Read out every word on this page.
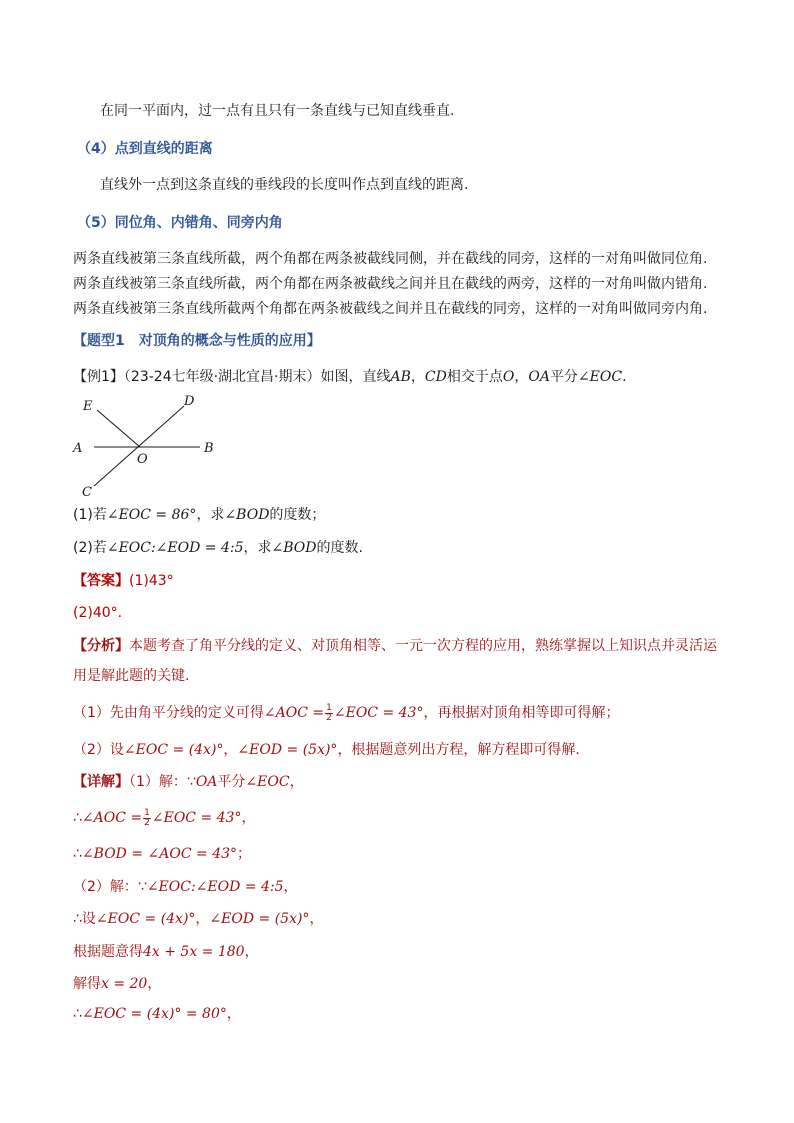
在同一平面内，过一点有且只有一条直线与已知直线垂直.
（4）点到直线的距离
直线外一点到这条直线的垂线段的长度叫作点到直线的距离.
（5）同位角、内错角、同旁内角
两条直线被第三条直线所截，两个角都在两条被截线同侧，并在截线的同旁，这样的一对角叫做同位角.
两条直线被第三条直线所截，两个角都在两条被截线之间并且在截线的两旁，这样的一对角叫做内错角.
两条直线被第三条直线所截两个角都在两条被截线之间并且在截线的同旁，这样的一对角叫做同旁内角.
【题型1　对顶角的概念与性质的应用】
【例1】（23-24七年级·湖北宜昌·期末）如图，直线AB，CD相交于点O，OA平分∠EOC.
E	D
A
O
B
C
(1)若∠EOC = 86°，求∠BOD的度数；
(2)若∠EOC:∠EOD = 4:5，求∠BOD的度数.
【答案】(1)43°
(2)40°.
【分析】本题考查了角平分线的定义、对顶角相等、一元一次方程的应用，熟练掌握以上知识点并灵活运
用是解此题的关键.
（1）先由角平分线的定义可得∠AOC = $\frac{1}{2}$ ∠EOC = 43°，再根据对顶角相等即可得解；
（2）设∠EOC = (4x)°，∠EOD = (5x)°，根据题意列出方程，解方程即可得解.
【详解】（1）解：∵OA平分∠EOC，
∴∠AOC = $\frac{1}{2}$ ∠EOC = 43°，
∴∠BOD = ∠AOC = 43°；
（2）解：∵∠EOC:∠EOD = 4:5，
∴设∠EOC = (4x)°，∠EOD = (5x)°，
根据题意得4x + 5x = 180，
解得x = 20，
∴∠EOC = (4x)° = 80°，
